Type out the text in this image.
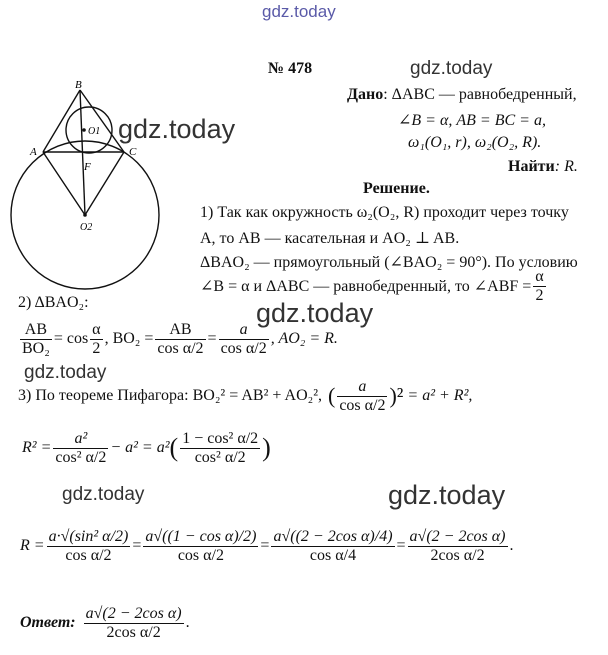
gdz.today
gdz.today
gdz.today
gdz.today
gdz.today
gdz.today	gdz.today
B
A	C
F
O1
O2
№ 478
Дано: ΔABC — равнобедренный,
∠B = α, AB = BC = a,
ω₁(O₁, r), ω₂(O₂, R).
Найти: R.
Решение.
1) Так как окружность ω₂(O₂, R) проходит через точку
A, то AB — касательная и AO₂ ⊥ AB.
ΔBAO₂ — прямоугольный (∠BAO₂ = 90°). По условию
∠B = α и ΔABC — равнобедренный, то ∠ABF = $\frac{\alpha}{2}$
2) ΔBAO₂:
$\frac{AB}{\text{BO₂}} = \cos \frac{\alpha}{2}$ , $BO_2 = \frac{AB}{\text{cos α/2}} = \frac{a}{\text{cos α/2}}$ , AO₂ = R.
3) По теореме Пифагора: BO₂² = AB² + AO₂², ( $\frac{a}{\text{cos α/2}} )^2 = a^2 + R^2$,
$R^2 = \frac{\text{a²}}{\text{cos² α/2}} - a^2 = a^2$ ( $\frac{\text{1 − cos² α/2}}{\text{cos² α/2}}$ )
$R = \frac{\text{a·√(sin² α/2)}}{\text{cos α/2}} = \frac{\text{a√((1 − cos α)/2)}}{\text{cos α/2}} = \frac{\text{a√((2 − 2cos α)/4)}}{\text{cos α/4}} = \frac{\text{a√(2 − 2cos α)}}{\text{2cos α/2}}$ .
Ответ : $\frac{\text{a√(2 − 2cos α)}}{\text{2cos α/2}}$ .
